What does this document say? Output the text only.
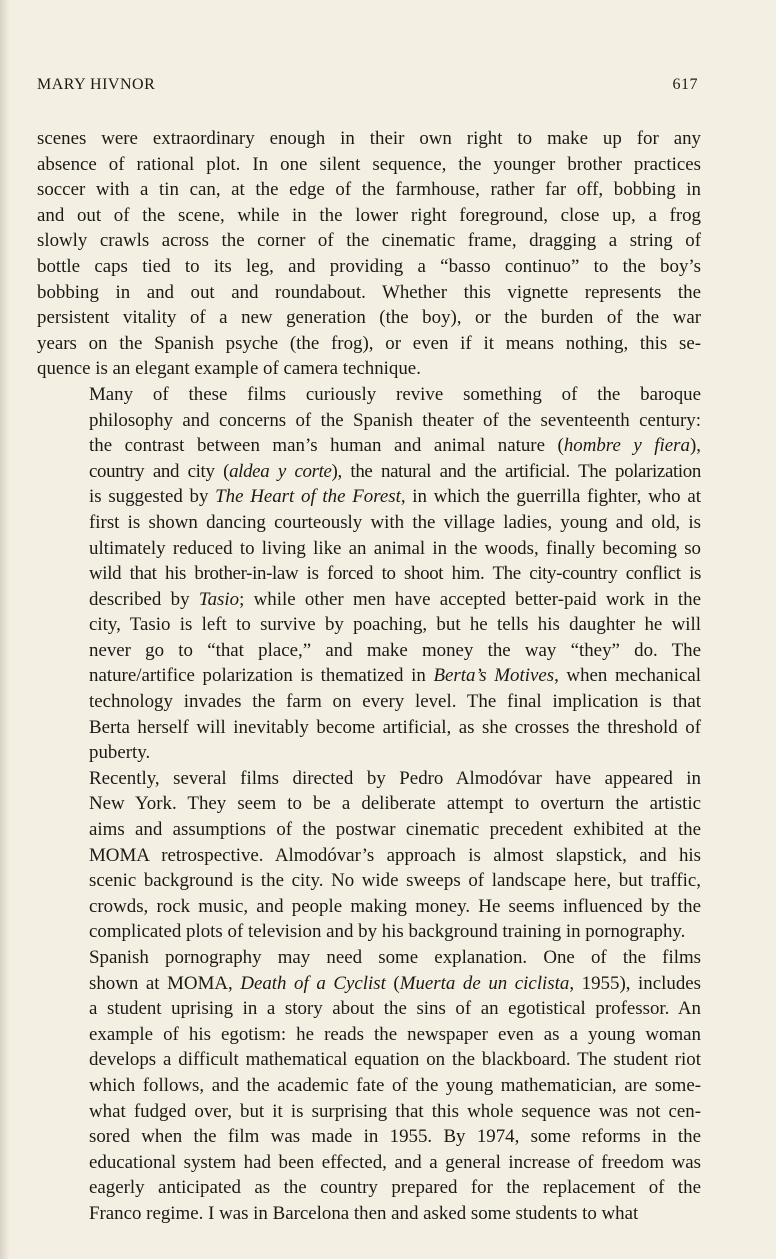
MARY HIVNOR	617

scenes were extraordinary enough in their own right to make up for any
absence of rational plot. In one silent sequence, the younger brother practices
soccer with a tin can, at the edge of the farmhouse, rather far off, bobbing in
and out of the scene, while in the lower right foreground, close up, a frog
slowly crawls across the corner of the cinematic frame, dragging a string of
bottle caps tied to its leg, and providing a “basso continuo” to the boy’s
bobbing in and out and roundabout. Whether this vignette represents the
persistent vitality of a new generation (the boy), or the burden of the war
years on the Spanish psyche (the frog), or even if it means nothing, this se-
quence is an elegant example of camera technique.

Many of these films curiously revive something of the baroque
philosophy and concerns of the Spanish theater of the seventeenth century:
the contrast between man’s human and animal nature (hombre y fiera),
country and city (aldea y corte), the natural and the artificial. The polarization
is suggested by The Heart of the Forest, in which the guerrilla fighter, who at
first is shown dancing courteously with the village ladies, young and old, is
ultimately reduced to living like an animal in the woods, finally becoming so
wild that his brother-in-law is forced to shoot him. The city-country conflict is
described by Tasio; while other men have accepted better-paid work in the
city, Tasio is left to survive by poaching, but he tells his daughter he will
never go to “that place,” and make money the way “they” do. The
nature/artifice polarization is thematized in Berta’s Motives, when mechanical
technology invades the farm on every level. The final implication is that
Berta herself will inevitably become artificial, as she crosses the threshold of
puberty.

Recently, several films directed by Pedro Almodóvar have appeared in
New York. They seem to be a deliberate attempt to overturn the artistic
aims and assumptions of the postwar cinematic precedent exhibited at the
MOMA retrospective. Almodóvar’s approach is almost slapstick, and his
scenic background is the city. No wide sweeps of landscape here, but traffic,
crowds, rock music, and people making money. He seems influenced by the
complicated plots of television and by his background training in pornography.

Spanish pornography may need some explanation. One of the films
shown at MOMA, Death of a Cyclist (Muerta de un ciclista, 1955), includes
a student uprising in a story about the sins of an egotistical professor. An
example of his egotism: he reads the newspaper even as a young woman
develops a difficult mathematical equation on the blackboard. The student riot
which follows, and the academic fate of the young mathematician, are some-
what fudged over, but it is surprising that this whole sequence was not cen-
sored when the film was made in 1955. By 1974, some reforms in the
educational system had been effected, and a general increase of freedom was
eagerly anticipated as the country prepared for the replacement of the
Franco regime. I was in Barcelona then and asked some students to what
